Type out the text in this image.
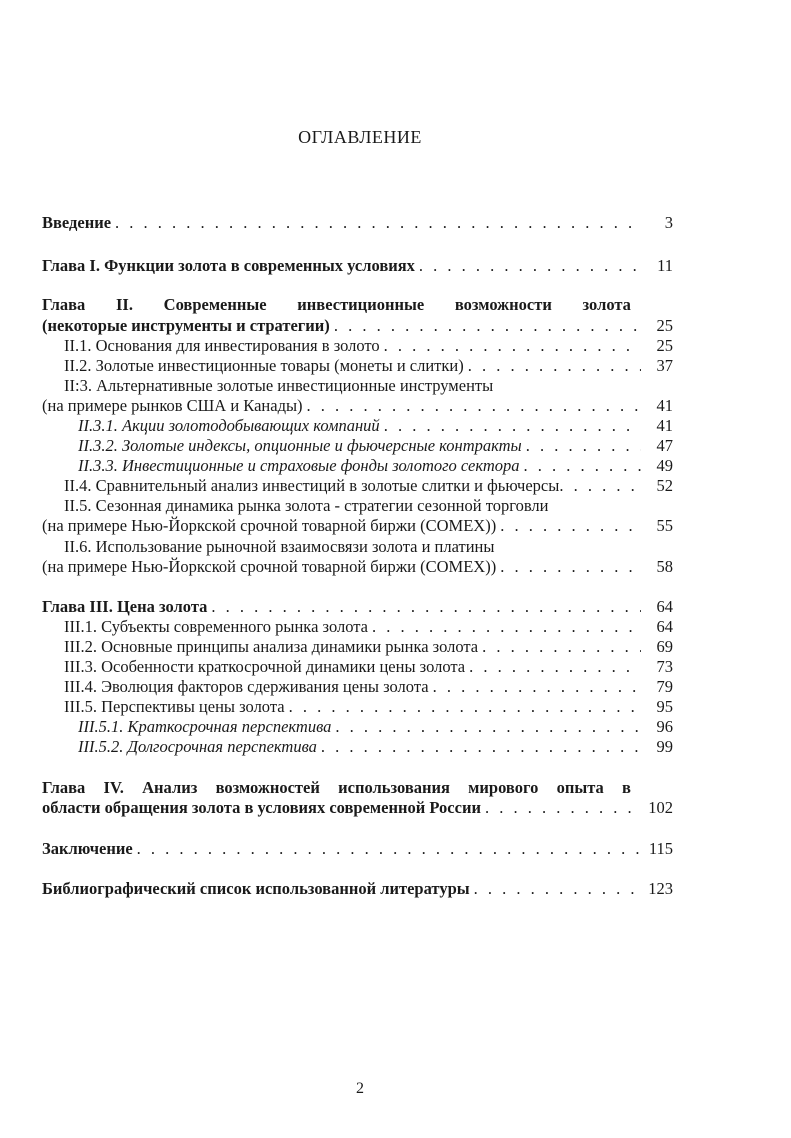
ОГЛАВЛЕНИЕ
Введение . . .	3
Глава I. Функции золота в современных условиях . . .	11
Глава II. Современные инвестиционные возможности золота
(некоторые инструменты и стратегии) . . .	25
II.1. Основания для инвестирования в золото . . .	25
II.2. Золотые инвестиционные товары (монеты и слитки) . . .	37
II:3. Альтернативные золотые инвестиционные инструменты
(на примере рынков США и Канады) . . .	41
II.3.1. Акции золотодобывающих компаний . . .	41
II.3.2. Золотые индексы, опционные и фьючерсные контракты . . .	47
II.3.3. Инвестиционные и страховые фонды золотого сектора . . .	49
II.4. Сравнительный анализ инвестиций в золотые слитки и фьючерсы . . .	52
II.5. Сезонная динамика рынка золота - стратегии сезонной торговли
(на примере Нью-Йоркской срочной товарной биржи (COMEX)) . . .	55
II.6. Использование рыночной взаимосвязи золота и платины
(на примере Нью-Йоркской срочной товарной биржи (COMEX)) . . .	58
Глава III. Цена золота . . .	64
III.1. Субъекты современного рынка золота . . .	64
III.2. Основные принципы анализа динамики рынка золота . . .	69
III.3. Особенности краткосрочной динамики цены золота . . .	73
III.4. Эволюция факторов сдерживания цены золота . . .	79
III.5. Перспективы цены золота . . .	95
III.5.1. Краткосрочная перспектива . . .	96
III.5.2. Долгосрочная перспектива . . .	99
Глава IV. Анализ возможностей использования мирового опыта в
области обращения золота в условиях современной России . . .	102
Заключение . . .	115
Библиографический список использованной литературы . . .	123
2
